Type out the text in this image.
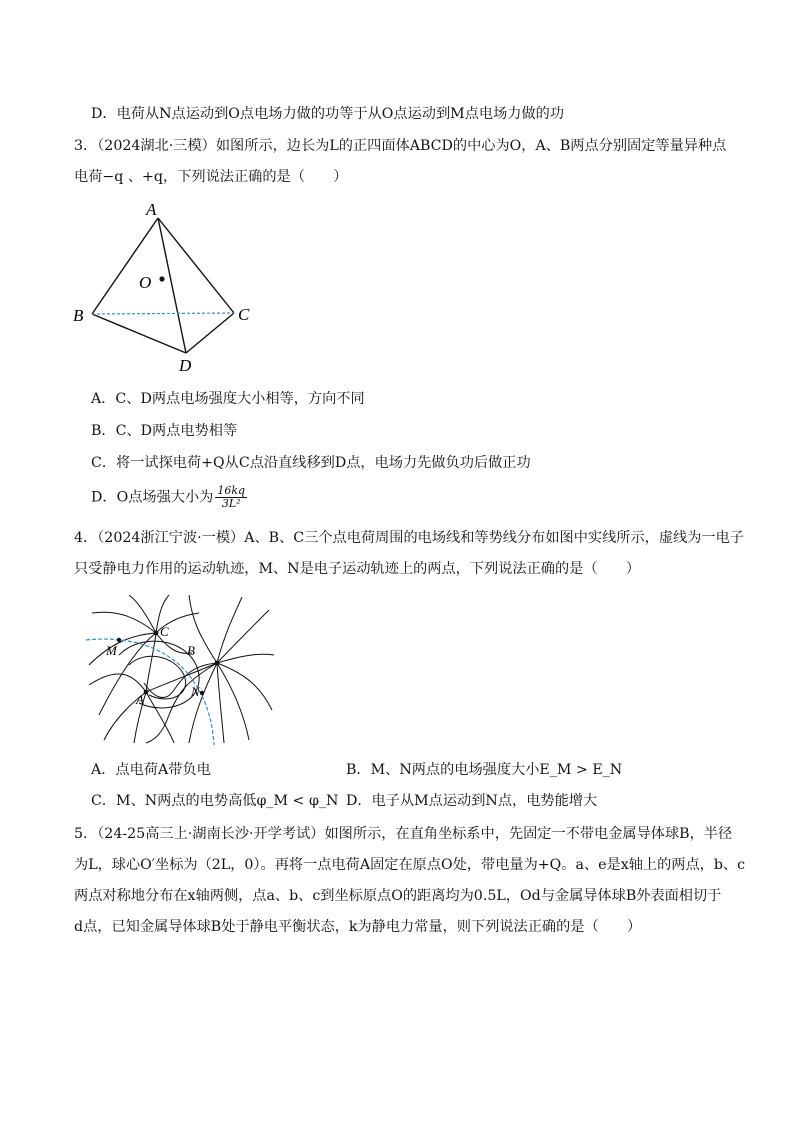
D．电荷从N点运动到O点电场力做的功等于从O点运动到M点电场力做的功
3．（2024湖北·三模）如图所示，边长为L的正四面体ABCD的中心为O，A、B两点分别固定等量异种点
电荷−q 、+q，下列说法正确的是（　　）
A
O
B	C
D
A．C、D两点电场强度大小相等，方向不同
B．C、D两点电势相等
C．将一试探电荷+Q从C点沿直线移到D点，电场力先做负功后做正功
D．O点场强大小为 $\frac{16kq}{\text{3L²}}$
4．（2024浙江宁波·一模）A、B、C三个点电荷周围的电场线和等势线分布如图中实线所示，虚线为一电子
只受静电力作用的运动轨迹，M、N是电子运动轨迹上的两点，下列说法正确的是（　　）
C
B
A
M
N
A．点电荷A带负电	B．M、N两点的电场强度大小E_M > E_N
C．M、N两点的电势高低φ_M < φ_N D．电子从M点运动到N点，电势能增大
5．（24-25高三上·湖南长沙·开学考试）如图所示，在直角坐标系中，先固定一不带电金属导体球B，半径
为L，球心O′坐标为（2L，0）。再将一点电荷A固定在原点O处，带电量为+Q。a、e是x轴上的两点，b、c
两点对称地分布在x轴两侧，点a、b、c到坐标原点O的距离均为0.5L，Od与金属导体球B外表面相切于
d点，已知金属导体球B处于静电平衡状态，k为静电力常量，则下列说法正确的是（　　）
